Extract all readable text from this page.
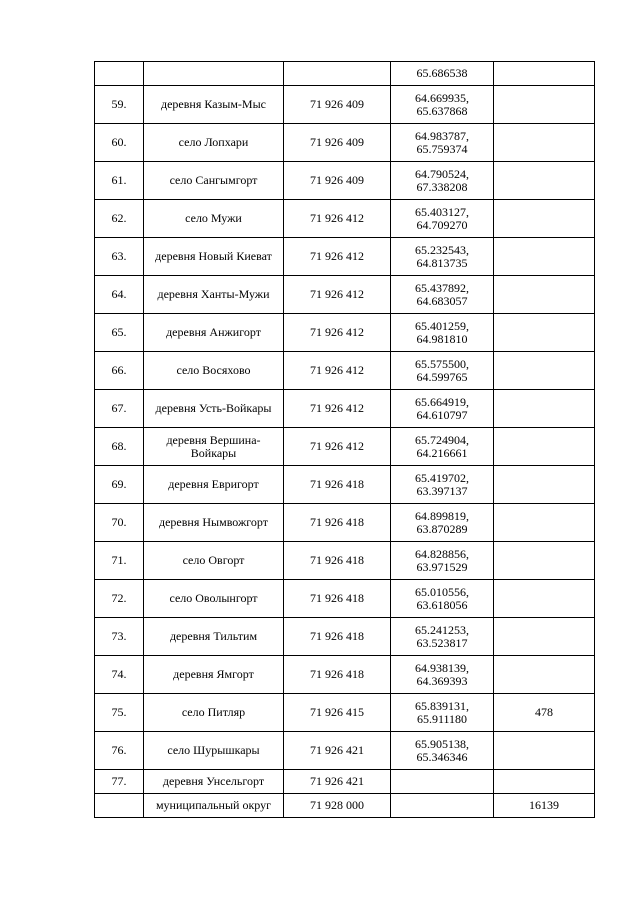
			65.686538	
59.	деревня Казым-Мыс	71 926 409	64.669935,
65.637868	

60.	село Лопхари	71 926 409	64.983787,
65.759374	

61.	село Сангымгорт	71 926 409	64.790524,
67.338208	

62.	село Мужи	71 926 412	65.403127,
64.709270	

63.	деревня Новый Киеват	71 926 412	65.232543,
64.813735	

64.	деревня Ханты-Мужи	71 926 412	65.437892,
64.683057	

65.	деревня Анжигорт	71 926 412	65.401259,
64.981810	

66.	село Восяхово	71 926 412	65.575500,
64.599765	

67.	деревня Усть-Войкары	71 926 412	65.664919,
64.610797	

68.	деревня Вершина-Войкары	71 926 412	65.724904,
64.216661	

69.	деревня Евригорт	71 926 418	65.419702,
63.397137	

70.	деревня Нымвожгорт	71 926 418	64.899819,
63.870289	

71.	село Овгорт	71 926 418	64.828856,
63.971529	

72.	село Оволынгорт	71 926 418	65.010556,
63.618056	

73.	деревня Тильтим	71 926 418	65.241253,
63.523817	

74.	деревня Ямгорт	71 926 418	64.938139,
64.369393	

75.	село Питляр	71 926 415	65.839131,
65.911180	478
76.	село Шурышкары	71 926 421	65.905138,
65.346346	

77.	деревня Унсельгорт	71 926 421		
	муниципальный округ	71 928 000		16139
